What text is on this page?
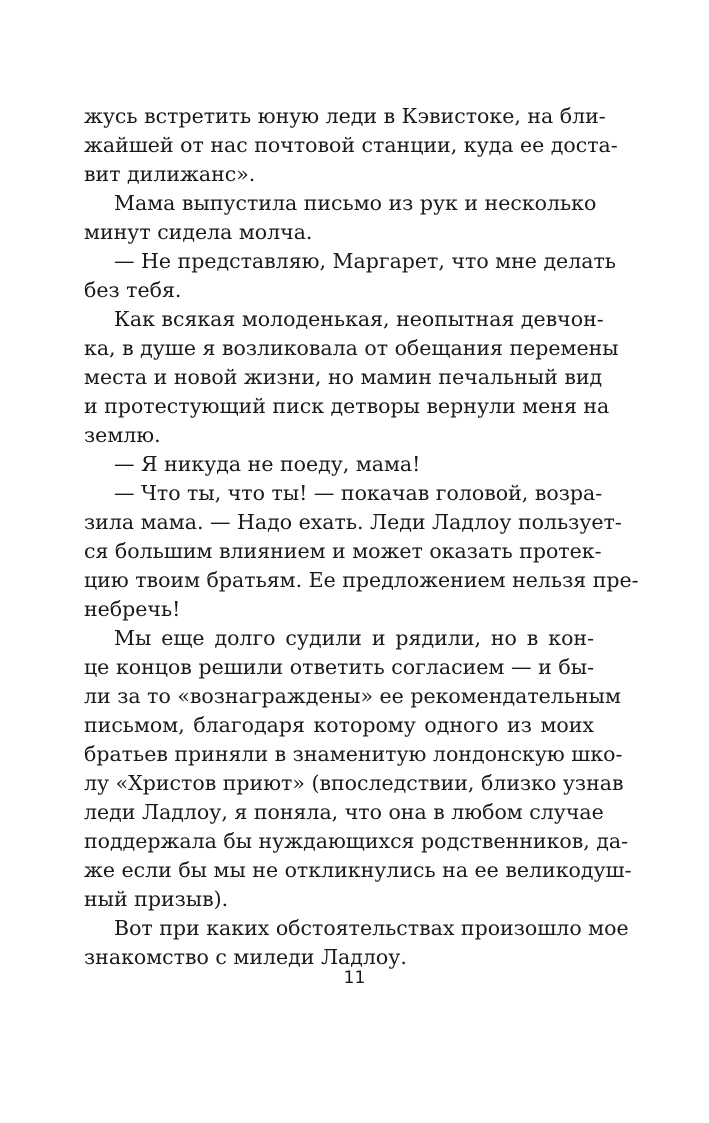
жусь встретить юную леди в Кэвистоке, на бли-
жайшей от нас почтовой станции, куда ее доста-
вит дилижанс».
Мама выпустила письмо из рук и несколько
минут сидела молча.
— Не представляю, Маргарет, что мне делать
без тебя.
Как всякая молоденькая, неопытная девчон-
ка, в душе я возликовала от обещания перемены
места и новой жизни, но мамин печальный вид
и протестующий писк детворы вернули меня на
землю.
— Я никуда не поеду, мама!
— Что ты, что ты! — покачав головой, возра-
зила мама. — Надо ехать. Леди Ладлоу пользует-
ся большим влиянием и может оказать протек-
цию твоим братьям. Ее предложением нельзя пре-
небречь!
Мы еще долго судили и рядили, но в кон-
це концов решили ответить согласием — и бы-
ли за то «вознаграждены» ее рекомендательным
письмом, благодаря которому одного из моих
братьев приняли в знаменитую лондонскую шко-
лу «Христов приют» (впоследствии, близко узнав
леди Ладлоу, я поняла, что она в любом случае
поддержала бы нуждающихся родственников, да-
же если бы мы не откликнулись на ее великодуш-
ный призыв).
Вот при каких обстоятельствах произошло мое
знакомство с миледи Ладлоу.
11
